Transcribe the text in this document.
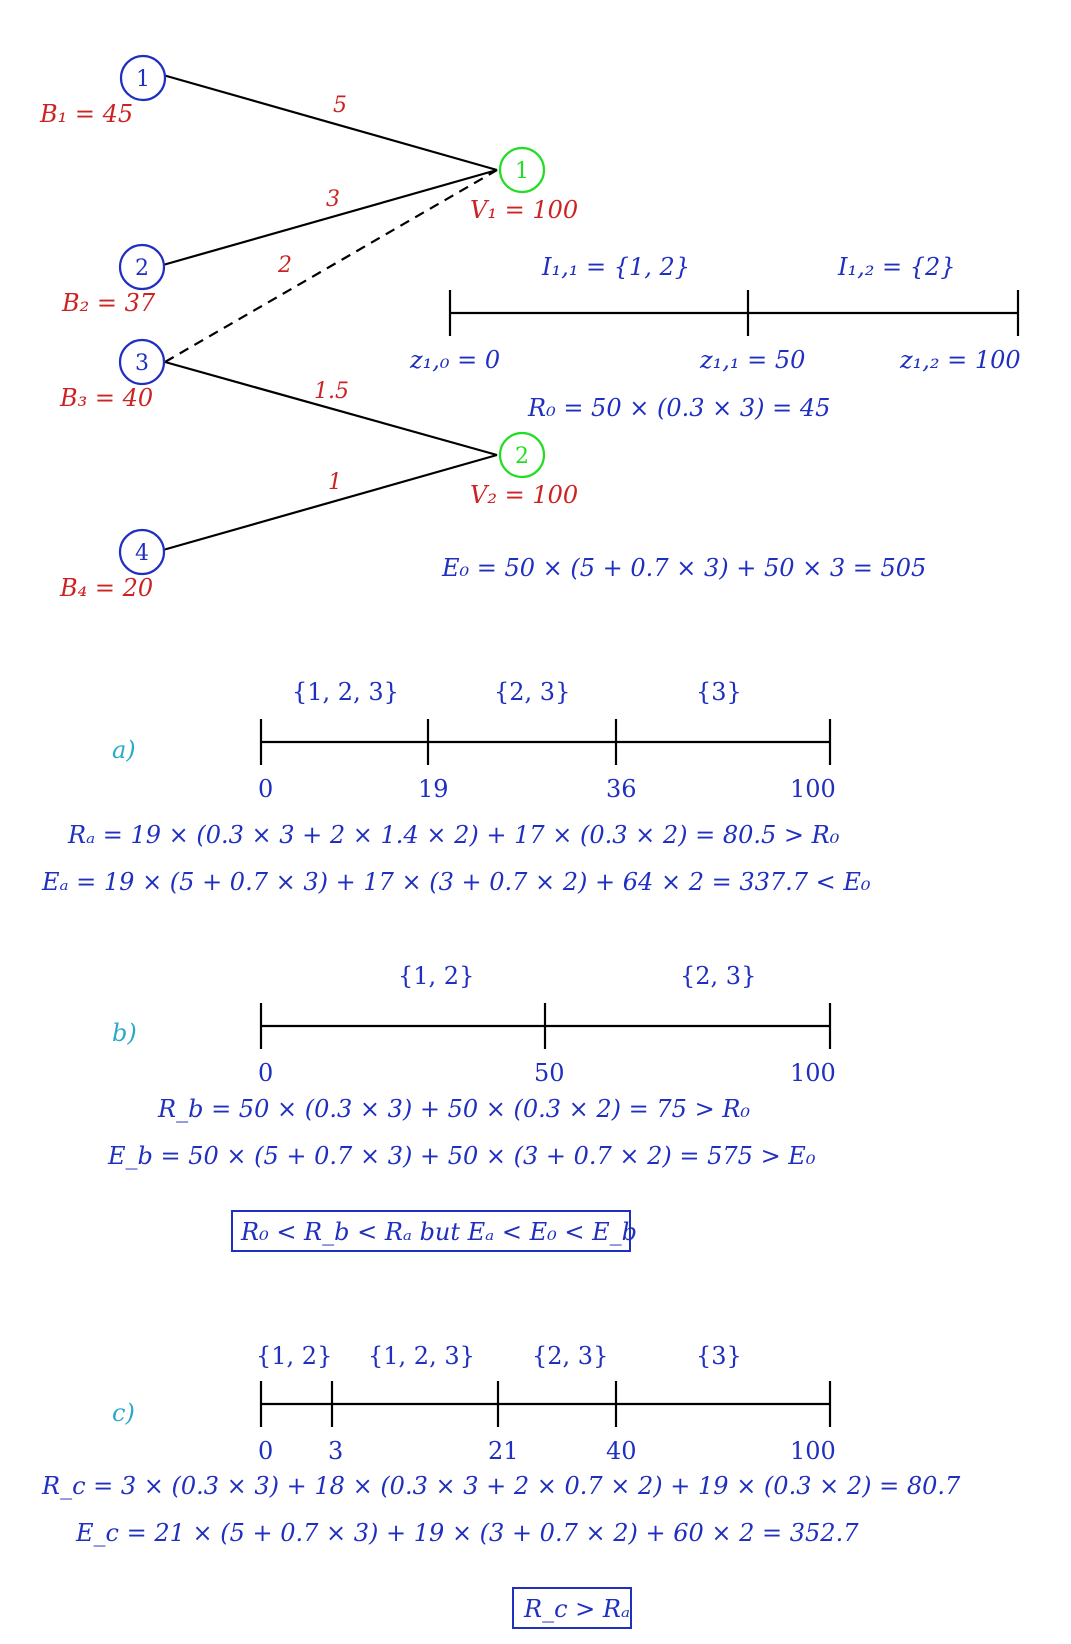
5
3
2
1.5
1
1
B₁ = 45
2
B₂ = 37
3
B₃ = 40
4
B₄ = 20
1
V₁ = 100
2
V₂ = 100
I₁,₁ = {1, 2}	I₁,₂ = {2}
z₁,₀ = 0	z₁,₁ = 50	z₁,₂ = 100
R₀ = 50 × (0.3 × 3) = 45
E₀ = 50 × (5 + 0.7 × 3) + 50 × 3 = 505
{1, 2, 3}	{2, 3}	{3}
a)
0	19	36	100
Rₐ = 19 × (0.3 × 3 + 2 × 1.4 × 2) + 17 × (0.3 × 2) = 80.5 > R₀
Eₐ = 19 × (5 + 0.7 × 3) + 17 × (3 + 0.7 × 2) + 64 × 2 = 337.7 < E₀
{1, 2}	{2, 3}
b)
0	50	100
R_b = 50 × (0.3 × 3) + 50 × (0.3 × 2) = 75 > R₀
E_b = 50 × (5 + 0.7 × 3) + 50 × (3 + 0.7 × 2) = 575 > E₀
R₀ < R_b < Rₐ but Eₐ < E₀ < E_b
{1, 2} {1, 2, 3} {2, 3}	{3}
c)
0 3	21	40	100
R_c = 3 × (0.3 × 3) + 18 × (0.3 × 3 + 2 × 0.7 × 2) + 19 × (0.3 × 2) = 80.7
E_c = 21 × (5 + 0.7 × 3) + 19 × (3 + 0.7 × 2) + 60 × 2 = 352.7
R_c > Rₐ
